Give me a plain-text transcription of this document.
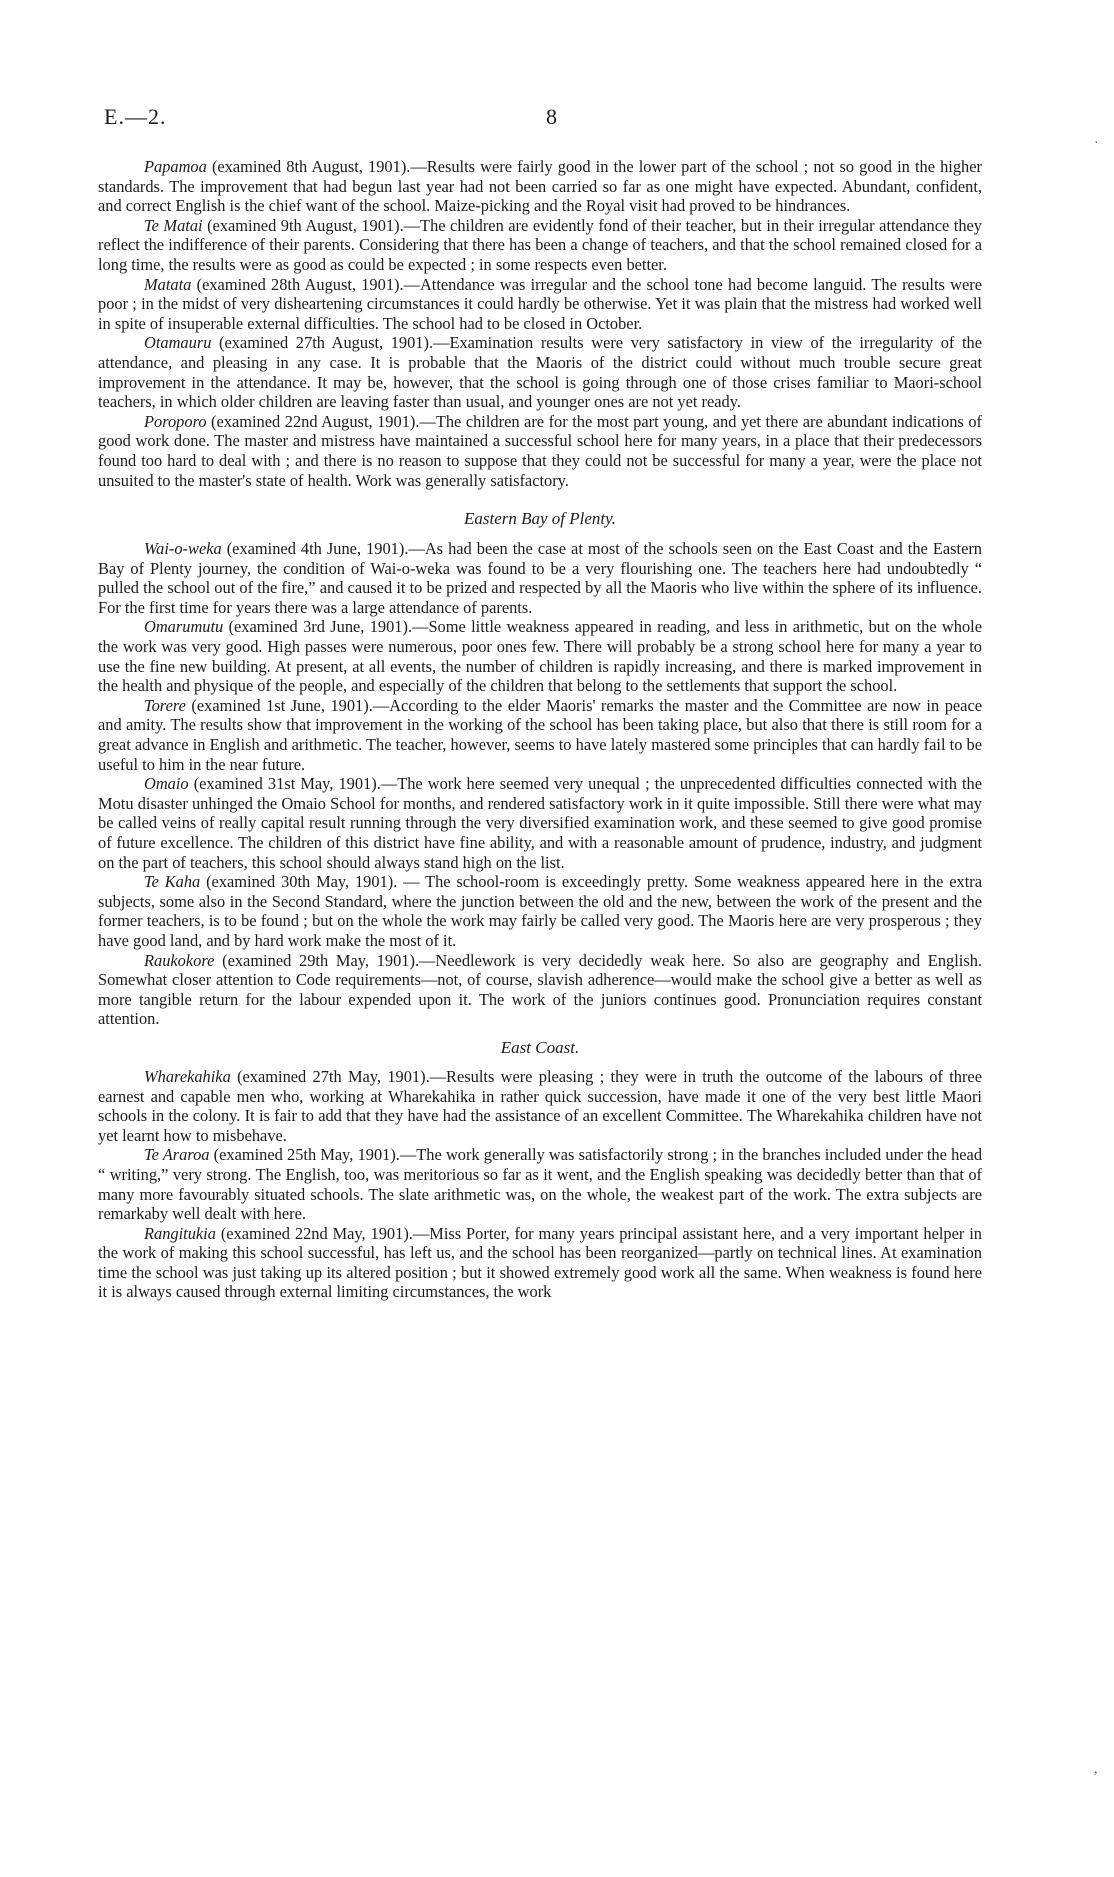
E.—2.	8

Papamoa (examined 8th August, 1901).—Results were fairly good in the lower part of the school ; not so good in the higher standards. The improvement that had begun last year had not been carried so far as one might have expected. Abundant, confident, and correct English is the chief want of the school. Maize-picking and the Royal visit had proved to be hindrances.

Te Matai (examined 9th August, 1901).—The children are evidently fond of their teacher, but in their irregular attendance they reflect the indifference of their parents. Considering that there has been a change of teachers, and that the school remained closed for a long time, the results were as good as could be expected ; in some respects even better.

Matata (examined 28th August, 1901).—Attendance was irregular and the school tone had become languid. The results were poor ; in the midst of very disheartening circumstances it could hardly be otherwise. Yet it was plain that the mistress had worked well in spite of insuperable external difficulties. The school had to be closed in October.

Otamauru (examined 27th August, 1901).—Examination results were very satisfactory in view of the irregularity of the attendance, and pleasing in any case. It is probable that the Maoris of the district could without much trouble secure great improvement in the attendance. It may be, however, that the school is going through one of those crises familiar to Maori-school teachers, in which older children are leaving faster than usual, and younger ones are not yet ready.

Poroporo (examined 22nd August, 1901).—The children are for the most part young, and yet there are abundant indications of good work done. The master and mistress have maintained a successful school here for many years, in a place that their predecessors found too hard to deal with ; and there is no reason to suppose that they could not be successful for many a year, were the place not unsuited to the master's state of health. Work was generally satisfactory.

Eastern Bay of Plenty.

Wai-o-weka (examined 4th June, 1901).—As had been the case at most of the schools seen on the East Coast and the Eastern Bay of Plenty journey, the condition of Wai-o-weka was found to be a very flourishing one. The teachers here had undoubtedly “ pulled the school out of the fire,” and caused it to be prized and respected by all the Maoris who live within the sphere of its influence. For the first time for years there was a large attendance of parents.

Omarumutu (examined 3rd June, 1901).—Some little weakness appeared in reading, and less in arithmetic, but on the whole the work was very good. High passes were numerous, poor ones few. There will probably be a strong school here for many a year to use the fine new building. At present, at all events, the number of children is rapidly increasing, and there is marked improvement in the health and physique of the people, and especially of the children that belong to the settlements that support the school.

Torere (examined 1st June, 1901).—According to the elder Maoris' remarks the master and the Committee are now in peace and amity. The results show that improvement in the working of the school has been taking place, but also that there is still room for a great advance in English and arithmetic. The teacher, however, seems to have lately mastered some principles that can hardly fail to be useful to him in the near future.

Omaio (examined 31st May, 1901).—The work here seemed very unequal ; the unprecedented difficulties connected with the Motu disaster unhinged the Omaio School for months, and rendered satisfactory work in it quite impossible. Still there were what may be called veins of really capital result running through the very diversified examination work, and these seemed to give good promise of future excellence. The children of this district have fine ability, and with a reasonable amount of prudence, industry, and judgment on the part of teachers, this school should always stand high on the list.

Te Kaha (examined 30th May, 1901). — The school-room is exceedingly pretty. Some weakness appeared here in the extra subjects, some also in the Second Standard, where the junction between the old and the new, between the work of the present and the former teachers, is to be found ; but on the whole the work may fairly be called very good. The Maoris here are very prosperous ; they have good land, and by hard work make the most of it.

Raukokore (examined 29th May, 1901).—Needlework is very decidedly weak here. So also are geography and English. Somewhat closer attention to Code requirements—not, of course, slavish adherence—would make the school give a better as well as more tangible return for the labour expended upon it. The work of the juniors continues good. Pronunciation requires constant attention.

East Coast.

Wharekahika (examined 27th May, 1901).—Results were pleasing ; they were in truth the outcome of the labours of three earnest and capable men who, working at Wharekahika in rather quick succession, have made it one of the very best little Maori schools in the colony. It is fair to add that they have had the assistance of an excellent Committee. The Wharekahika children have not yet learnt how to misbehave.

Te Araroa (examined 25th May, 1901).—The work generally was satisfactorily strong ; in the branches included under the head “ writing,” very strong. The English, too, was meritorious so far as it went, and the English speaking was decidedly better than that of many more favourably situated schools. The slate arithmetic was, on the whole, the weakest part of the work. The extra subjects are remarkaby well dealt with here.

Rangitukia (examined 22nd May, 1901).—Miss Porter, for many years principal assistant here, and a very important helper in the work of making this school successful, has left us, and the school has been reorganized—partly on technical lines. At examination time the school was just taking up its altered position ; but it showed extremely good work all the same. When weakness is found here it is always caused through external limiting circumstances, the work

·
,
